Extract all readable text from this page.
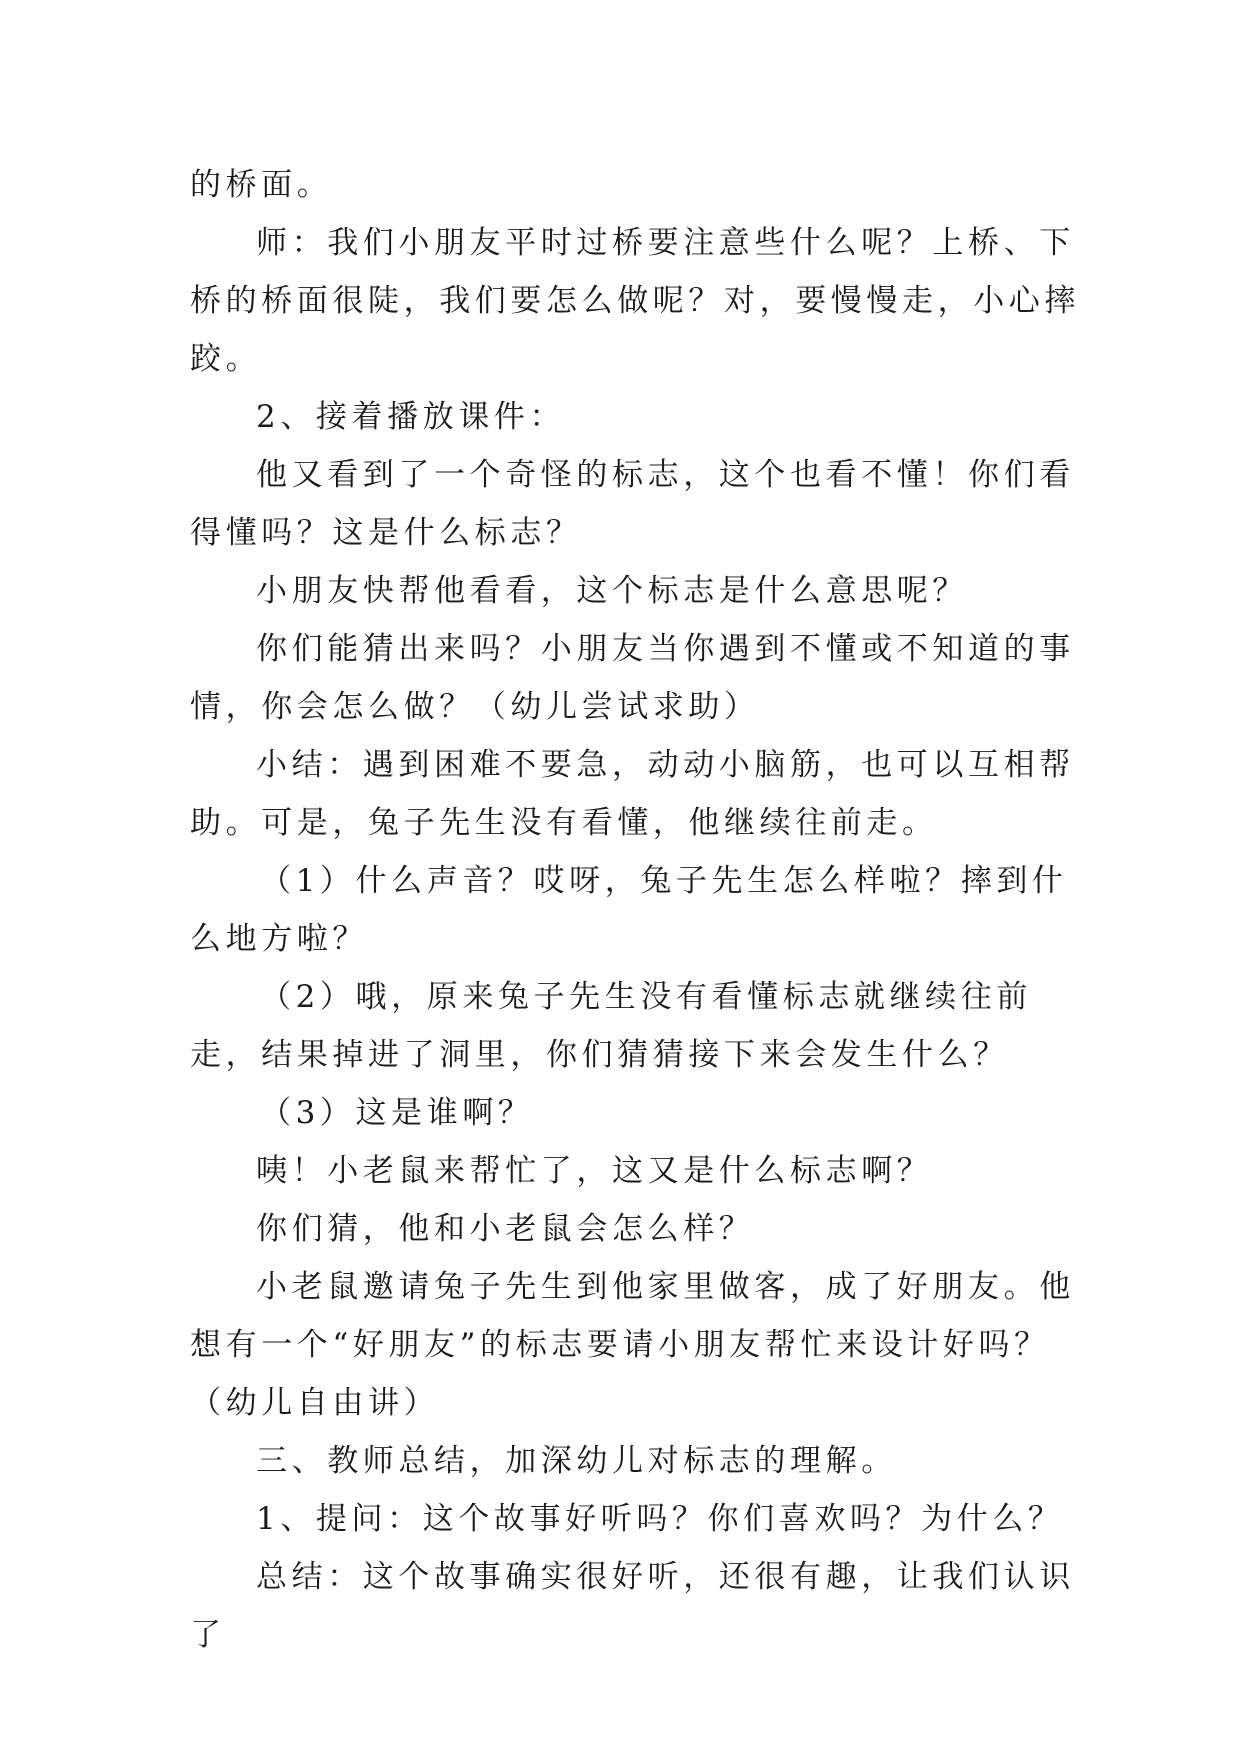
的桥面。

师：我们小朋友平时过桥要注意些什么呢？上桥、下桥的桥面很陡，我们要怎么做呢？对，要慢慢走，小心摔跤。

2、接着播放课件：

他又看到了一个奇怪的标志，这个也看不懂！你们看得懂吗？这是什么标志？

小朋友快帮他看看，这个标志是什么意思呢？

你们能猜出来吗？小朋友当你遇到不懂或不知道的事情，你会怎么做？（幼儿尝试求助）

小结：遇到困难不要急，动动小脑筋，也可以互相帮助。可是，兔子先生没有看懂，他继续往前走。

（1）什么声音？哎呀，兔子先生怎么样啦？摔到什么地方啦？

（2）哦，原来兔子先生没有看懂标志就继续往前走，结果掉进了洞里，你们猜猜接下来会发生什么？

（3）这是谁啊？

咦！小老鼠来帮忙了，这又是什么标志啊？

你们猜，他和小老鼠会怎么样？

小老鼠邀请兔子先生到他家里做客，成了好朋友。他想有一个“好朋友”的标志要请小朋友帮忙来设计好吗？（幼儿自由讲）

三、教师总结，加深幼儿对标志的理解。

1、提问：这个故事好听吗？你们喜欢吗？为什么？

总结：这个故事确实很好听，还很有趣，让我们认识了
